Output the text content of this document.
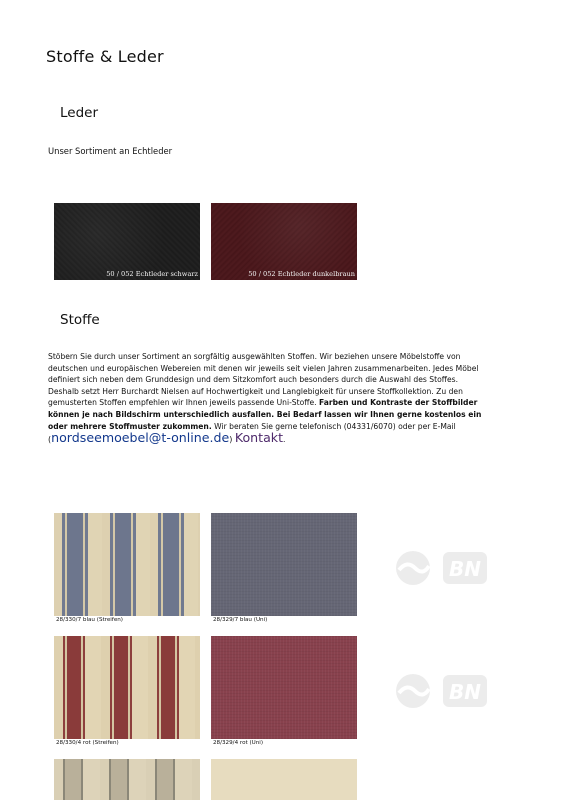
Stoffe & Leder
Leder
Unser Sortiment an Echtleder
50 / 052 Echtleder schwarz	50 / 052 Echtleder dunkelbraun
Stoffe
Stöbern Sie durch unser Sortiment an sorgfältig ausgewählten Stoffen. Wir beziehen unsere Möbelstoffe von deutschen und europäischen Webereien mit denen wir jeweils seit vielen Jahren zusammenarbeiten. Jedes Möbel definiert sich neben dem Grunddesign und dem Sitzkomfort auch besonders durch die Auswahl des Stoffes. Deshalb setzt Herr Burchardt Nielsen auf Hochwertigkeit und Langlebigkeit für unsere Stoffkollektion. Zu den gemusterten Stoffen empfehlen wir Ihnen jeweils passende Uni-Stoffe. Farben und Kontraste der Stoffbilder können je nach Bildschirm unterschiedlich ausfallen. Bei Bedarf lassen wir Ihnen gerne kostenlos ein oder mehrere Stoffmuster zukommen. Wir beraten Sie gerne telefonisch (04331/6070) oder per E-Mail
(nordseemoebel@t-online.de) Kontakt.
28/330/7 blau (Streifen)	28/329/7 blau (Uni)
BN
28/330/4 rot (Streifen)	28/329/4 rot (Uni)
BN
